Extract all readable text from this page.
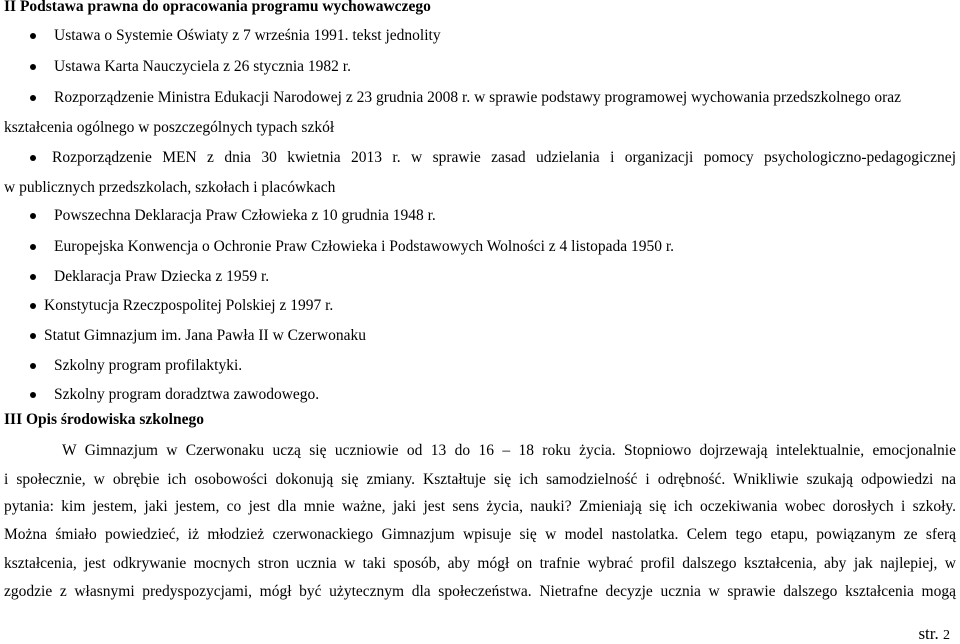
II Podstawa prawna do opracowania programu wychowawczego
Ustawa o Systemie Oświaty z 7 września 1991. tekst jednolity
Ustawa Karta Nauczyciela z 26 stycznia 1982 r.
Rozporządzenie Ministra Edukacji Narodowej z 23 grudnia 2008 r. w sprawie podstawy programowej wychowania przedszkolnego oraz
kształcenia ogólnego w poszczególnych typach szkół
Rozporządzenie MEN z dnia 30 kwietnia 2013 r. w sprawie zasad udzielania i organizacji pomocy psychologiczno-pedagogicznej
w publicznych przedszkolach, szkołach i placówkach
Powszechna Deklaracja Praw Człowieka z 10 grudnia 1948 r.
Europejska Konwencja o Ochronie Praw Człowieka i Podstawowych Wolności z 4 listopada 1950 r.
Deklaracja Praw Dziecka z 1959 r.
Konstytucja Rzeczpospolitej Polskiej z 1997 r.
Statut Gimnazjum im. Jana Pawła II w Czerwonaku
Szkolny program profilaktyki.
Szkolny program doradztwa zawodowego.
III Opis środowiska szkolnego
W Gimnazjum w Czerwonaku uczą się uczniowie od 13 do 16 – 18 roku życia. Stopniowo dojrzewają intelektualnie, emocjonalnie
i społecznie, w obrębie ich osobowości dokonują się zmiany. Kształtuje się ich samodzielność i odrębność. Wnikliwie szukają odpowiedzi na
pytania: kim jestem, jaki jestem, co jest dla mnie ważne, jaki jest sens życia, nauki? Zmieniają się ich oczekiwania wobec dorosłych i szkoły.
Można śmiało powiedzieć, iż młodzież czerwonackiego Gimnazjum wpisuje się w model nastolatka. Celem tego etapu, powiązanym ze sferą
kształcenia, jest odkrywanie mocnych stron ucznia w taki sposób, aby mógł on trafnie wybrać profil dalszego kształcenia, aby jak najlepiej, w
zgodzie z własnymi predyspozycjami, mógł być użytecznym dla społeczeństwa. Nietrafne decyzje ucznia w sprawie dalszego kształcenia mogą
str. 2
